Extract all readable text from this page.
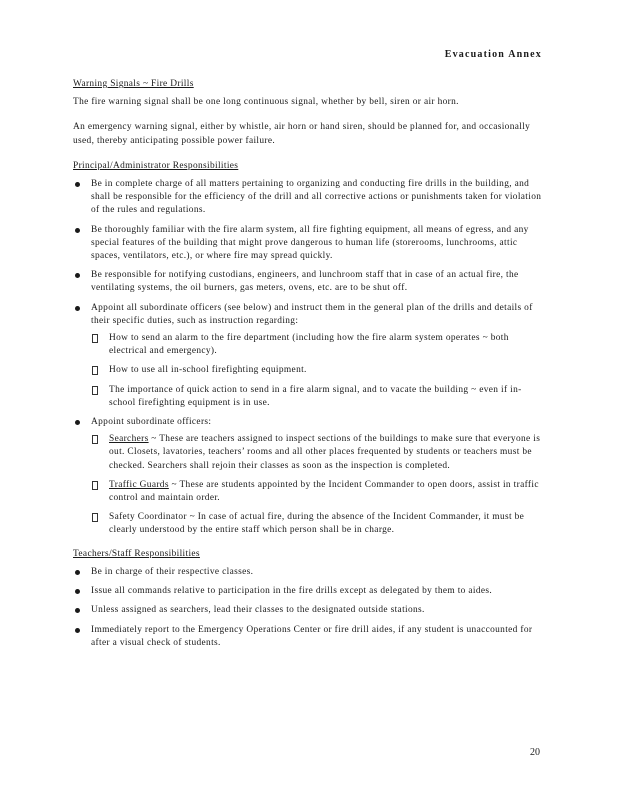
Evacuation Annex
Warning Signals ~ Fire Drills
The fire warning signal shall be one long continuous signal, whether by bell, siren or air horn.
An emergency warning signal, either by whistle, air horn or hand siren, should be planned for, and occasionally used, thereby anticipating possible power failure.
Principal/Administrator Responsibilities
Be in complete charge of all matters pertaining to organizing and conducting fire drills in the building, and shall be responsible for the efficiency of the drill and all corrective actions or punishments taken for violation of the rules and regulations.
Be thoroughly familiar with the fire alarm system, all fire fighting equipment, all means of egress, and any special features of the building that might prove dangerous to human life (storerooms, lunchrooms, attic spaces, ventilators, etc.), or where fire may spread quickly.
Be responsible for notifying custodians, engineers, and lunchroom staff that in case of an actual fire, the ventilating systems, the oil burners, gas meters, ovens, etc. are to be shut off.
Appoint all subordinate officers (see below) and instruct them in the general plan of the drills and details of their specific duties, such as instruction regarding:
How to send an alarm to the fire department (including how the fire alarm system operates ~ both electrical and emergency).
How to use all in-school firefighting equipment.
The importance of quick action to send in a fire alarm signal, and to vacate the building ~ even if in-school firefighting equipment is in use.
Appoint subordinate officers:
Searchers ~ These are teachers assigned to inspect sections of the buildings to make sure that everyone is out. Closets, lavatories, teachers’ rooms and all other places frequented by students or teachers must be checked. Searchers shall rejoin their classes as soon as the inspection is completed.
Traffic Guards ~ These are students appointed by the Incident Commander to open doors, assist in traffic control and maintain order.
Safety Coordinator ~ In case of actual fire, during the absence of the Incident Commander, it must be clearly understood by the entire staff which person shall be in charge.
Teachers/Staff Responsibilities
Be in charge of their respective classes.
Issue all commands relative to participation in the fire drills except as delegated by them to aides.
Unless assigned as searchers, lead their classes to the designated outside stations.
Immediately report to the Emergency Operations Center or fire drill aides, if any student is unaccounted for after a visual check of students.
20
